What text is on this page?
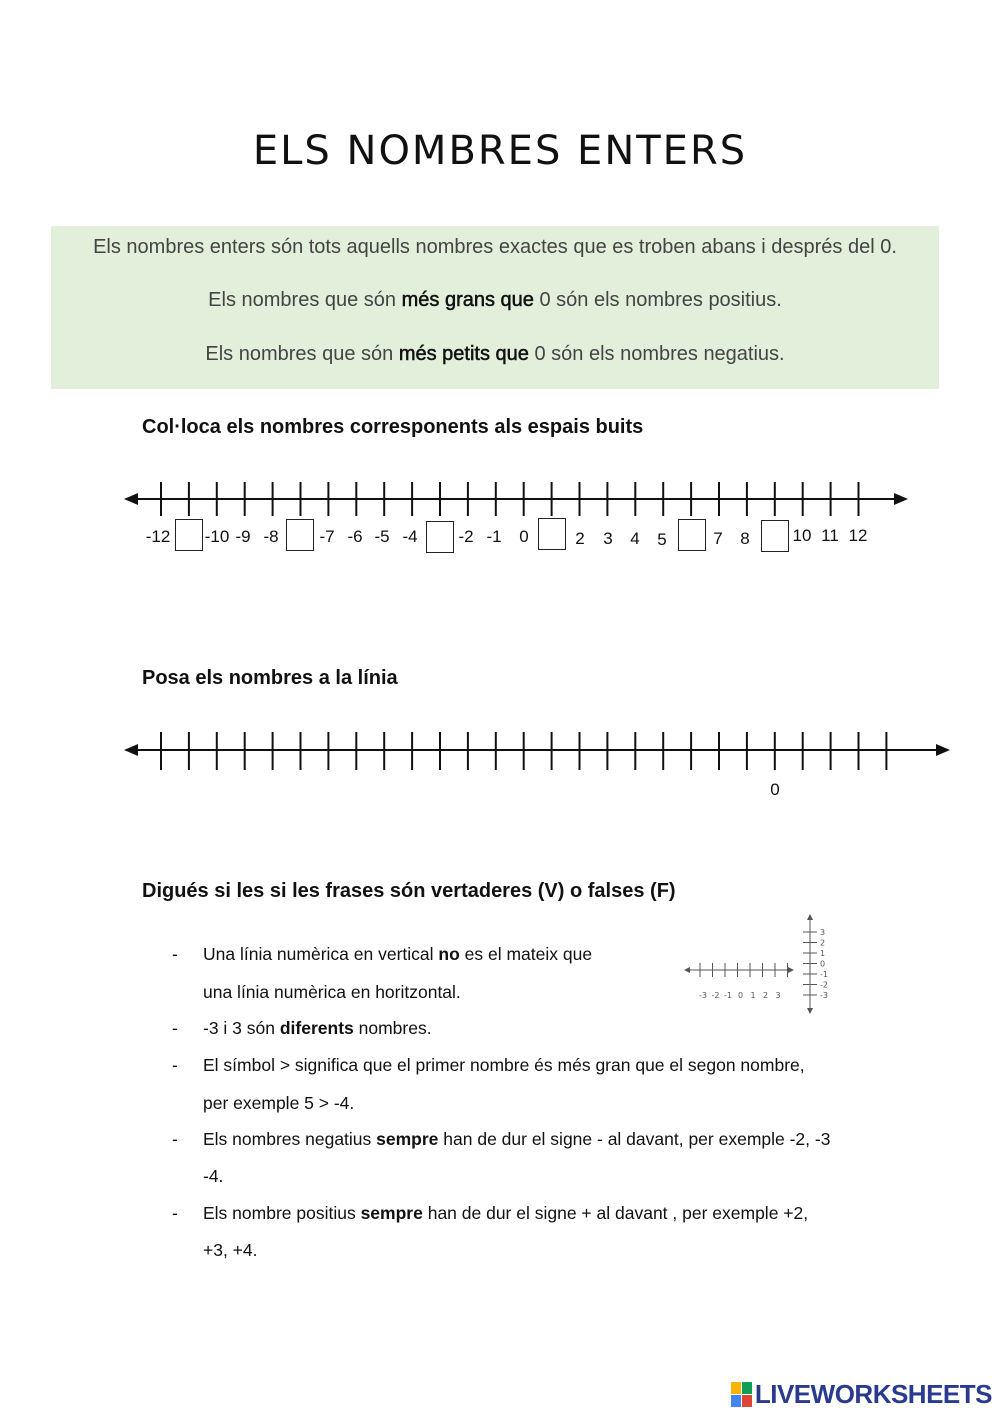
ELS NOMBRES ENTERS
Els nombres enters són tots aquells nombres exactes que es troben abans i després del 0.
Els nombres que són més grans que 0 són els nombres positius.
Els nombres que són més petits que 0 són els nombres negatius.
Col·loca els nombres corresponents als espais buits
-12 -10 -9 -8 -7 -6 -5 -4 -2 -1 0	2 3 4 5	7 8	10 11 12
Posa els nombres a la línia
0
Digués si les si les frases són vertaderes (V) o falses (F)
- Una línia numèrica en vertical no es el mateix que
una línia numèrica en horitzontal.
- -3 i 3 són diferents nombres.
- El símbol > significa que el primer nombre és més gran que el segon nombre,
per exemple 5 > -4.
- Els nombres negatius sempre han de dur el signe - al davant, per exemple -2, -3
-4.
- Els nombre positius sempre han de dur el signe + al davant , per exemple +2,
+3, +4.
-3 -2 -1 0 1 2 3
3
2
1
0
-1
-2
-3
LIVEWORKSHEETS
